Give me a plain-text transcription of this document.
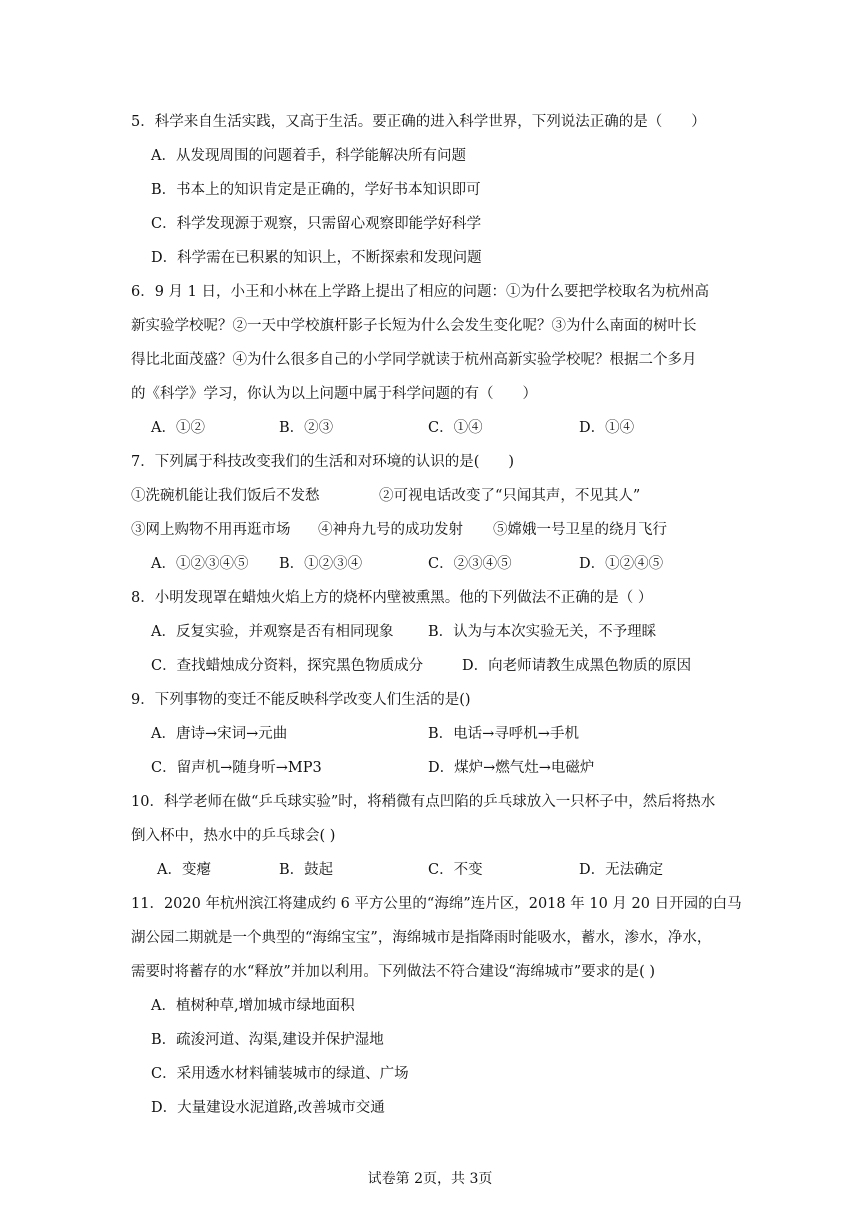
5．科学来自生活实践，又高于生活。要正确的进入科学世界，下列说法正确的是（　　）
A．从发现周围的问题着手，科学能解决所有问题
B．书本上的知识肯定是正确的，学好书本知识即可
C．科学发现源于观察，只需留心观察即能学好科学
D．科学需在已积累的知识上，不断探索和发现问题
6．9 月 1 日，小王和小林在上学路上提出了相应的问题：①为什么要把学校取名为杭州高
新实验学校呢？②一天中学校旗杆影子长短为什么会发生变化呢？③为什么南面的树叶长
得比北面茂盛？④为什么很多自己的小学同学就读于杭州高新实验学校呢？根据二个多月
的《科学》学习，你认为以上问题中属于科学问题的有（　　）
A．①②	B．②③	C．①④	D．①④
7．下列属于科技改变我们的生活和对环境的认识的是(　　)
①洗碗机能让我们饭后不发愁	②可视电话改变了“只闻其声，不见其人”
③网上购物不用再逛市场 ④神舟九号的成功发射 ⑤嫦娥一号卫星的绕月飞行
A．①②③④⑤ B．①②③④	C．②③④⑤	D．①②④⑤
8．小明发现罩在蜡烛火焰上方的烧杯内壁被熏黑。他的下列做法不正确的是（ ）
A．反复实验，并观察是否有相同现象 B．认为与本次实验无关，不予理睬
C．查找蜡烛成分资料，探究黑色物质成分	D．向老师请教生成黑色物质的原因
9．下列事物的变迁不能反映科学改变人们生活的是()
A．唐诗→宋词→元曲	B．电话→寻呼机→手机
C．留声机→随身听→MP3	D．煤炉→燃气灶→电磁炉
10．科学老师在做“乒乓球实验”时，将稍微有点凹陷的乒乓球放入一只杯子中，然后将热水
倒入杯中，热水中的乒乓球会( )
A．变瘪	B．鼓起	C．不变	D．无法确定
11．2020 年杭州滨江将建成约 6 平方公里的“海绵”连片区，2018 年 10 月 20 日开园的白马
湖公园二期就是一个典型的“海绵宝宝”，海绵城市是指降雨时能吸水，蓄水，渗水，净水，
需要时将蓄存的水“释放”并加以利用。下列做法不符合建设“海绵城市”要求的是( )
A．植树种草,增加城市绿地面积
B．疏浚河道、沟渠,建设并保护湿地
C．采用透水材料铺装城市的绿道、广场
D．大量建设水泥道路,改善城市交通
试卷第 2页，共 3页
